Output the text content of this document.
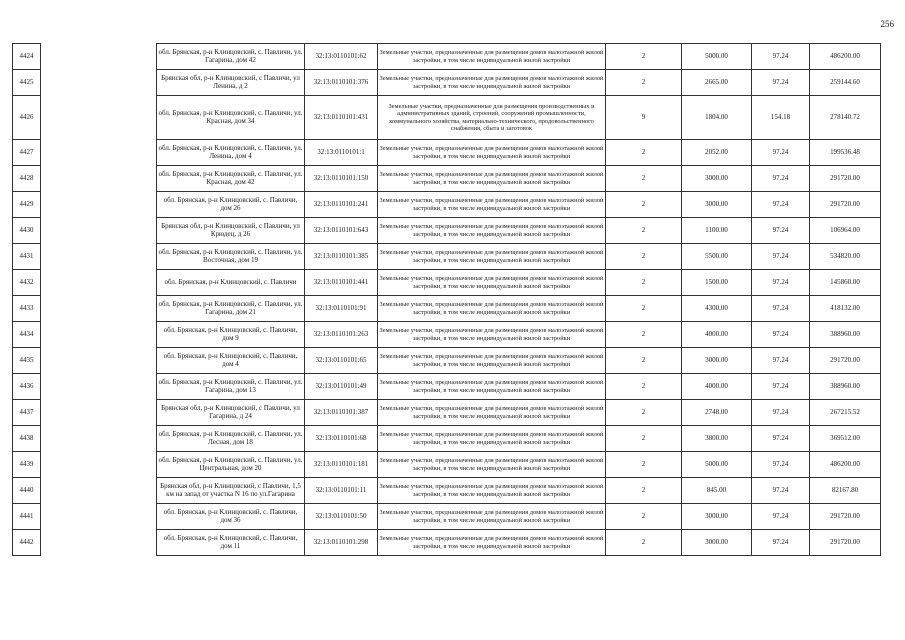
256
4424		обл. Брянская, р-н Клинцовский, с. Павличи, ул. Гагарина, дом 42	32:13:0110101:62	Земельные участки, предназначенные для размещения домов малоэтажной жилой застройки, в том числе индивидуальной жилой застройки	2	5000.00	97.24	486200.00
4425		Брянская обл, р-н Клинцовский, с Павличи, ул Ленина, д 2	32:13:0110101:376	Земельные участки, предназначенные для размещения домов малоэтажной жилой застройки, в том числе индивидуальной жилой застройки	2	2665.00	97.24	259144.60
4426		обл. Брянская, р-н Клинцовский, с. Павличи, ул. Красная, дом 34	32:13:0110101:431	Земельные участки, предназначенные для размещения производственных и административных зданий, строений, сооружений промышленности, коммунального хозяйства, материально-технического, продовольственного снабжения, сбыта и заготовок	9	1804.00	154.18	278140.72
4427		обл. Брянская, р-н Клинцовский, с. Павличи, ул. Ленина, дом 4	32:13:0110101:1	Земельные участки, предназначенные для размещения домов малоэтажной жилой застройки, в том числе индивидуальной жилой застройки	2	2052.00	97.24	199536.48
4428		обл. Брянская, р-н Клинцовский, с. Павличи, ул. Красная, дом 42	32:13:0110101:150	Земельные участки, предназначенные для размещения домов малоэтажной жилой застройки, в том числе индивидуальной жилой застройки	2	3000.00	97.24	291720.00
4429		обл. Брянская, р-н Клинцовский, с. Павличи, дом 26	32:13:0110101:241	Земельные участки, предназначенные для размещения домов малоэтажной жилой застройки, в том числе индивидуальной жилой застройки	2	3000.00	97.24	291720.00
4430		Брянская обл, р-н Клинцовский, с Павличи, ул Крюдец, д 26	32:13:0110101:643	Земельные участки, предназначенные для размещения домов малоэтажной жилой застройки, в том числе индивидуальной жилой застройки	2	1100.00	97.24	106964.00
4431		обл. Брянская, р-н Клинцовский, с. Павличи, ул. Восточная, дом 19	32:13:0110101:385	Земельные участки, предназначенные для размещения домов малоэтажной жилой застройки, в том числе индивидуальной жилой застройки	2	5500.00	97.24	534820.00
4432		обл. Брянская, р-н Клинцовский, с. Павличи	32:13:0110101:441	Земельные участки, предназначенные для размещения домов малоэтажной жилой застройки, в том числе индивидуальной жилой застройки	2	1500.00	97.24	145860.00
4433		обл. Брянская, р-н Клинцовский, с. Павличи, ул. Гагарина, дом 21	32:13:0110101:91	Земельные участки, предназначенные для размещения домов малоэтажной жилой застройки, в том числе индивидуальной жилой застройки	2	4300.00	97.24	418132.00
4434		обл. Брянская, р-н Клинцовский, с. Павличи, дом 9	32:13:0110101:263	Земельные участки, предназначенные для размещения домов малоэтажной жилой застройки, в том числе индивидуальной жилой застройки	2	4000.00	97.24	388960.00
4435		обл. Брянская, р-н Клинцовский, с. Павличи, дом 4	32:13:0110101:65	Земельные участки, предназначенные для размещения домов малоэтажной жилой застройки, в том числе индивидуальной жилой застройки	2	3000.00	97.24	291720.00
4436		обл. Брянская, р-н Клинцовский, с. Павличи, ул. Гагарина, дом 13	32:13:0110101:49	Земельные участки, предназначенные для размещения домов малоэтажной жилой застройки, в том числе индивидуальной жилой застройки	2	4000.00	97.24	388960.00
4437		Брянская обл, р-н Клинцовский, с Павличи, ул Гагарина, д 24	32:13:0110101:387	Земельные участки, предназначенные для размещения домов малоэтажной жилой застройки, в том числе индивидуальной жилой застройки	2	2748.00	97.24	267215.52
4438		обл. Брянская, р-н Клинцовский, с. Павличи, ул. Лесная, дом 18	32:13:0110101:68	Земельные участки, предназначенные для размещения домов малоэтажной жилой застройки, в том числе индивидуальной жилой застройки	2	3800.00	97.24	369512.00
4439		обл. Брянская, р-н Клинцовский, с. Павличи, ул. Центральная, дом 20	32:13:0110101:181	Земельные участки, предназначенные для размещения домов малоэтажной жилой застройки, в том числе индивидуальной жилой застройки	2	5000.00	97.24	486200.00
4440		Брянская обл, р-н Клинцовский, с Павличи, 1,5 км на запад от участка N 16 по ул.Гагарина	32:13:0110101:11	Земельные участки, предназначенные для размещения домов малоэтажной жилой застройки, в том числе индивидуальной жилой застройки	2	845.00	97.24	82167.80
4441		обл. Брянская, р-н Клинцовский, с. Павличи, дом 36	32:13:0110101:50	Земельные участки, предназначенные для размещения домов малоэтажной жилой застройки, в том числе индивидуальной жилой застройки	2	3000.00	97.24	291720.00
4442		обл. Брянская, р-н Клинцовский, с. Павличи, дом 11	32:13:0110101:298	Земельные участки, предназначенные для размещения домов малоэтажной жилой застройки, в том числе индивидуальной жилой застройки	2	3000.00	97.24	291720.00
